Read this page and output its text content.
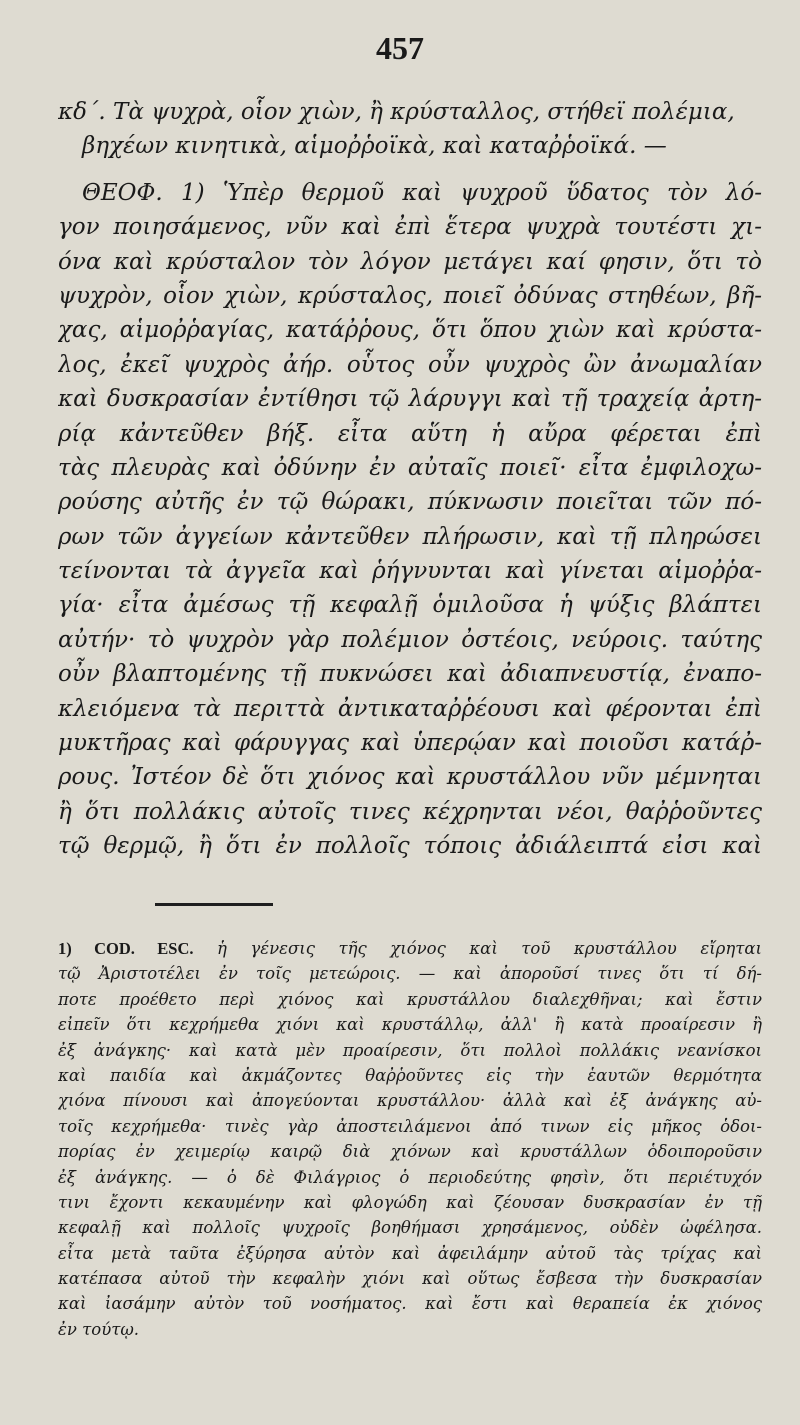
457
κδ΄. Τὰ ψυχρὰ, οἷον χιὼν, ἢ κρύσταλλος, στήθεϊ πολέμια,
βηχέων κινητικὰ, αἱμοῤῥοϊκὰ, καὶ καταῤῥοϊκά. —
ΘΕΟΦ. 1) Ὑπὲρ θερμοῦ καὶ ψυχροῦ ὕδατος τὸν λό-
γον ποιησάμενος, νῦν καὶ ἐπὶ ἕτερα ψυχρὰ τουτέστι χι-
όνα καὶ κρύσταλον τὸν λόγον μετάγει καί φησιν, ὅτι τὸ
ψυχρὸν, οἷον χιὼν, κρύσταλος, ποιεῖ ὀδύνας στηθέων, βῆ-
χας, αἱμοῤῥαγίας, κατάῤῥους, ὅτι ὅπου χιὼν καὶ κρύστα-
λος, ἐκεῖ ψυχρὸς ἀήρ. οὗτος οὖν ψυχρὸς ὢν ἀνωμαλίαν
καὶ δυσκρασίαν ἐντίθησι τῷ λάρυγγι καὶ τῇ τραχείᾳ ἀρτη-
ρίᾳ κἀντεῦθεν βήξ. εἶτα αὕτη ἡ αὔρα φέρεται ἐπὶ
τὰς πλευρὰς καὶ ὀδύνην ἐν αὐταῖς ποιεῖ· εἶτα ἐμφιλοχω-
ρούσης αὐτῆς ἐν τῷ θώρακι, πύκνωσιν ποιεῖται τῶν πό-
ρων τῶν ἀγγείων κἀντεῦθεν πλήρωσιν, καὶ τῇ πληρώσει
τείνονται τὰ ἀγγεῖα καὶ ῥήγνυνται καὶ γίνεται αἱμοῤῥα-
γία· εἶτα ἀμέσως τῇ κεφαλῇ ὁμιλοῦσα ἡ ψύξις βλάπτει
αὐτήν· τὸ ψυχρὸν γὰρ πολέμιον ὀστέοις, νεύροις. ταύτης
οὖν βλαπτομένης τῇ πυκνώσει καὶ ἀδιαπνευστίᾳ, ἐναπο-
κλειόμενα τὰ περιττὰ ἀντικαταῤῥέουσι καὶ φέρονται ἐπὶ
μυκτῆρας καὶ φάρυγγας καὶ ὑπερῴαν καὶ ποιοῦσι κατάῤ-
ρους. Ἰστέον δὲ ὅτι χιόνος καὶ κρυστάλλου νῦν μέμνηται
ἢ ὅτι πολλάκις αὐτοῖς τινες κέχρηνται νέοι, θαῤῥοῦντες
τῷ θερμῷ, ἢ ὅτι ἐν πολλοῖς τόποις ἀδιάλειπτά εἰσι καὶ
1) COD. ESC. ἡ γένεσις τῆς χιόνος καὶ τοῦ κρυστάλλου εἴρηται
τῷ Ἀριστοτέλει ἐν τοῖς μετεώροις. — καὶ ἀποροῦσί τινες ὅτι τί δή-
ποτε προέθετο περὶ χιόνος καὶ κρυστάλλου διαλεχθῆναι; καὶ ἔστιν
εἰπεῖν ὅτι κεχρήμεθα χιόνι καὶ κρυστάλλῳ, ἀλλ' ἢ κατὰ προαίρεσιν ἢ
ἐξ ἀνάγκης· καὶ κατὰ μὲν προαίρεσιν, ὅτι πολλοὶ πολλάκις νεανίσκοι
καὶ παιδία καὶ ἀκμάζοντες θαῤῥοῦντες εἰς τὴν ἑαυτῶν θερμότητα
χιόνα πίνουσι καὶ ἀπογεύονται κρυστάλλου· ἀλλὰ καὶ ἐξ ἀνάγκης αὐ-
τοῖς κεχρήμεθα· τινὲς γὰρ ἀποστειλάμενοι ἀπό τινων εἰς μῆκος ὁδοι-
πορίας ἐν χειμερίῳ καιρῷ διὰ χιόνων καὶ κρυστάλλων ὁδοιποροῦσιν
ἐξ ἀνάγκης. — ὁ δὲ Φιλάγριος ὁ περιοδεύτης φησὶν, ὅτι περιέτυχόν
τινι ἔχοντι κεκαυμένην καὶ φλογώδη καὶ ζέουσαν δυσκρασίαν ἐν τῇ
κεφαλῇ καὶ πολλοῖς ψυχροῖς βοηθήμασι χρησάμενος, οὐδὲν ὠφέλησα.
εἶτα μετὰ ταῦτα ἐξύρησα αὐτὸν καὶ ἀφειλάμην αὐτοῦ τὰς τρίχας καὶ
κατέπασα αὐτοῦ τὴν κεφαλὴν χιόνι καὶ οὕτως ἔσβεσα τὴν δυσκρασίαν
καὶ ἰασάμην αὐτὸν τοῦ νοσήματος. καὶ ἔστι καὶ θεραπεία ἐκ χιόνος
ἐν τούτῳ.
